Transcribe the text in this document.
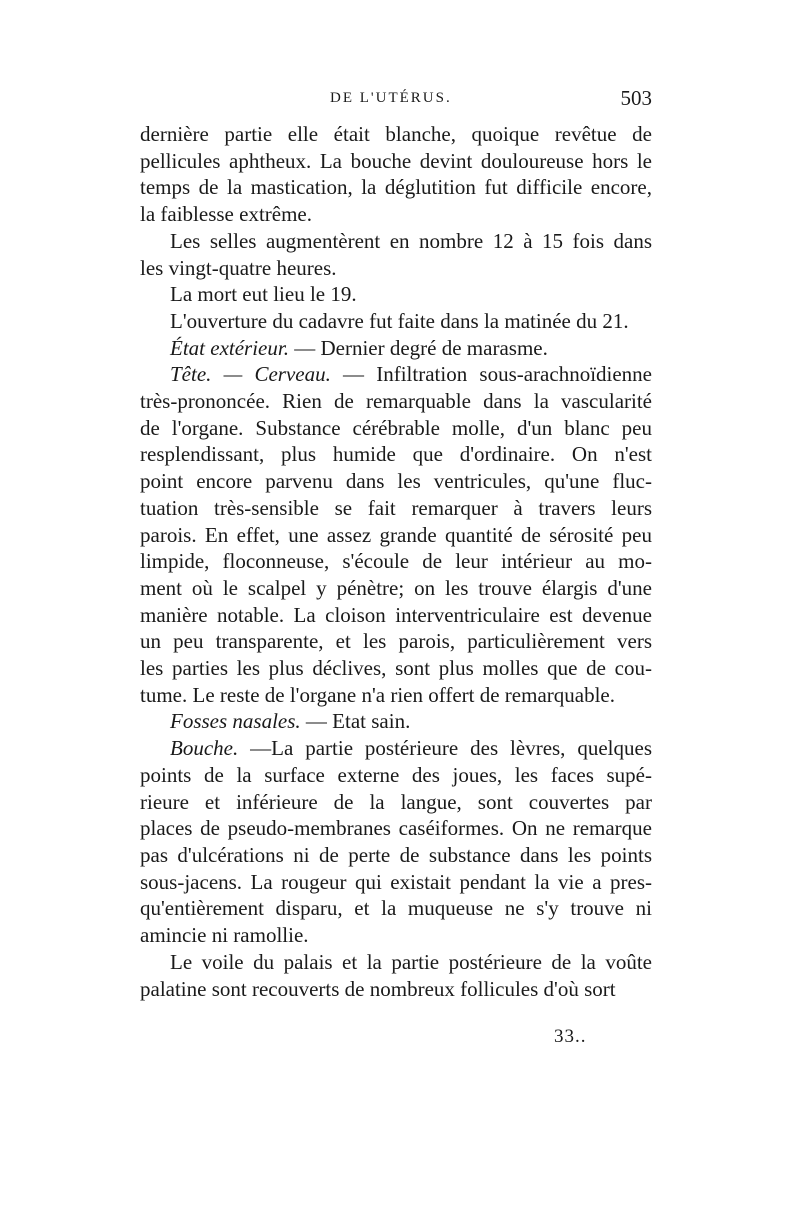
DE L'UTÉRUS.	503
dernière partie elle était blanche, quoique revêtue de
pellicules aphtheux. La bouche devint douloureuse hors le
temps de la mastication, la déglutition fut difficile encore,
la faiblesse extrême.
Les selles augmentèrent en nombre 12 à 15 fois dans
les vingt-quatre heures.
La mort eut lieu le 19.
L'ouverture du cadavre fut faite dans la matinée du 21.
État extérieur. — Dernier degré de marasme.
Tête. — Cerveau. — Infiltration sous-arachnoïdienne
très-prononcée. Rien de remarquable dans la vascularité
de l'organe. Substance cérébrable molle, d'un blanc peu
resplendissant, plus humide que d'ordinaire. On n'est
point encore parvenu dans les ventricules, qu'une fluc-
tuation très-sensible se fait remarquer à travers leurs
parois. En effet, une assez grande quantité de sérosité peu
limpide, floconneuse, s'écoule de leur intérieur au mo-
ment où le scalpel y pénètre; on les trouve élargis d'une
manière notable. La cloison interventriculaire est devenue
un peu transparente, et les parois, particulièrement vers
les parties les plus déclives, sont plus molles que de cou-
tume. Le reste de l'organe n'a rien offert de remarquable.
Fosses nasales. — Etat sain.
Bouche. —La partie postérieure des lèvres, quelques
points de la surface externe des joues, les faces supé-
rieure et inférieure de la langue, sont couvertes par
places de pseudo-membranes caséiformes. On ne remarque
pas d'ulcérations ni de perte de substance dans les points
sous-jacens. La rougeur qui existait pendant la vie a pres-
qu'entièrement disparu, et la muqueuse ne s'y trouve ni
amincie ni ramollie.
Le voile du palais et la partie postérieure de la voûte
palatine sont recouverts de nombreux follicules d'où sort
33..
